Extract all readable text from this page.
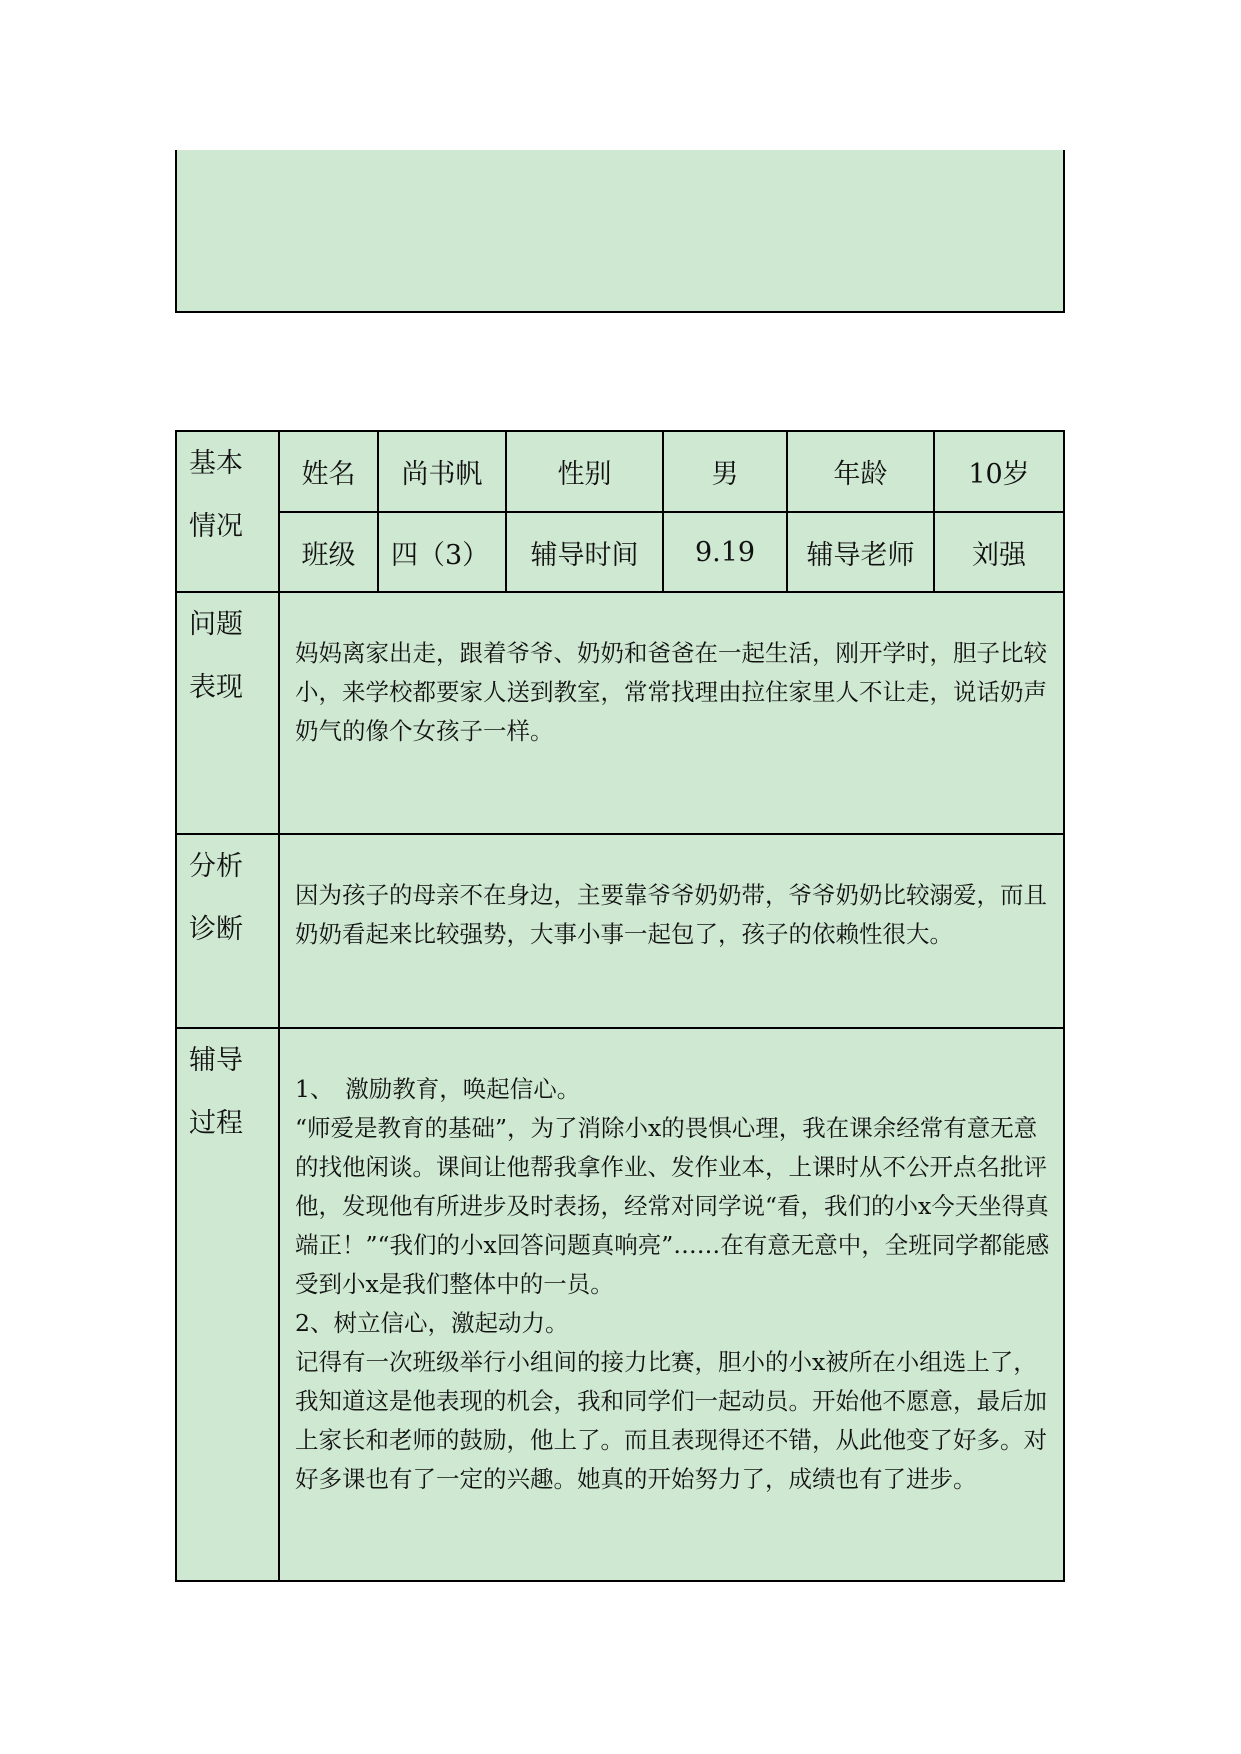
基本
情况
姓名	尚书帆	性别	男	年龄	10岁
班级	四（3）	辅导时间	9.19	辅导老师	刘强
问题
表现

妈妈离家出走，跟着爷爷、奶奶和爸爸在一起生活，刚开学时，胆子比较小，来学校都要家人送到教室，常常找理由拉住家里人不让走，说话奶声奶气的像个女孩子一样。

分析
诊断

因为孩子的母亲不在身边，主要靠爷爷奶奶带，爷爷奶奶比较溺爱，而且奶奶看起来比较强势，大事小事一起包了，孩子的依赖性很大。

辅导
过程

1、　激励教育，唤起信心。

“师爱是教育的基础”，为了消除小x的畏惧心理，我在课余经常有意无意的找他闲谈。课间让他帮我拿作业、发作业本，上课时从不公开点名批评他，发现他有所进步及时表扬，经常对同学说“看，我们的小x今天坐得真端正！”“我们的小x回答问题真响亮”……在有意无意中，全班同学都能感受到小x是我们整体中的一员。

2、树立信心，激起动力。

记得有一次班级举行小组间的接力比赛，胆小的小x被所在小组选上了，我知道这是他表现的机会，我和同学们一起动员。开始他不愿意，最后加上家长和老师的鼓励，他上了。而且表现得还不错，从此他变了好多。对好多课也有了一定的兴趣。她真的开始努力了，成绩也有了进步。
